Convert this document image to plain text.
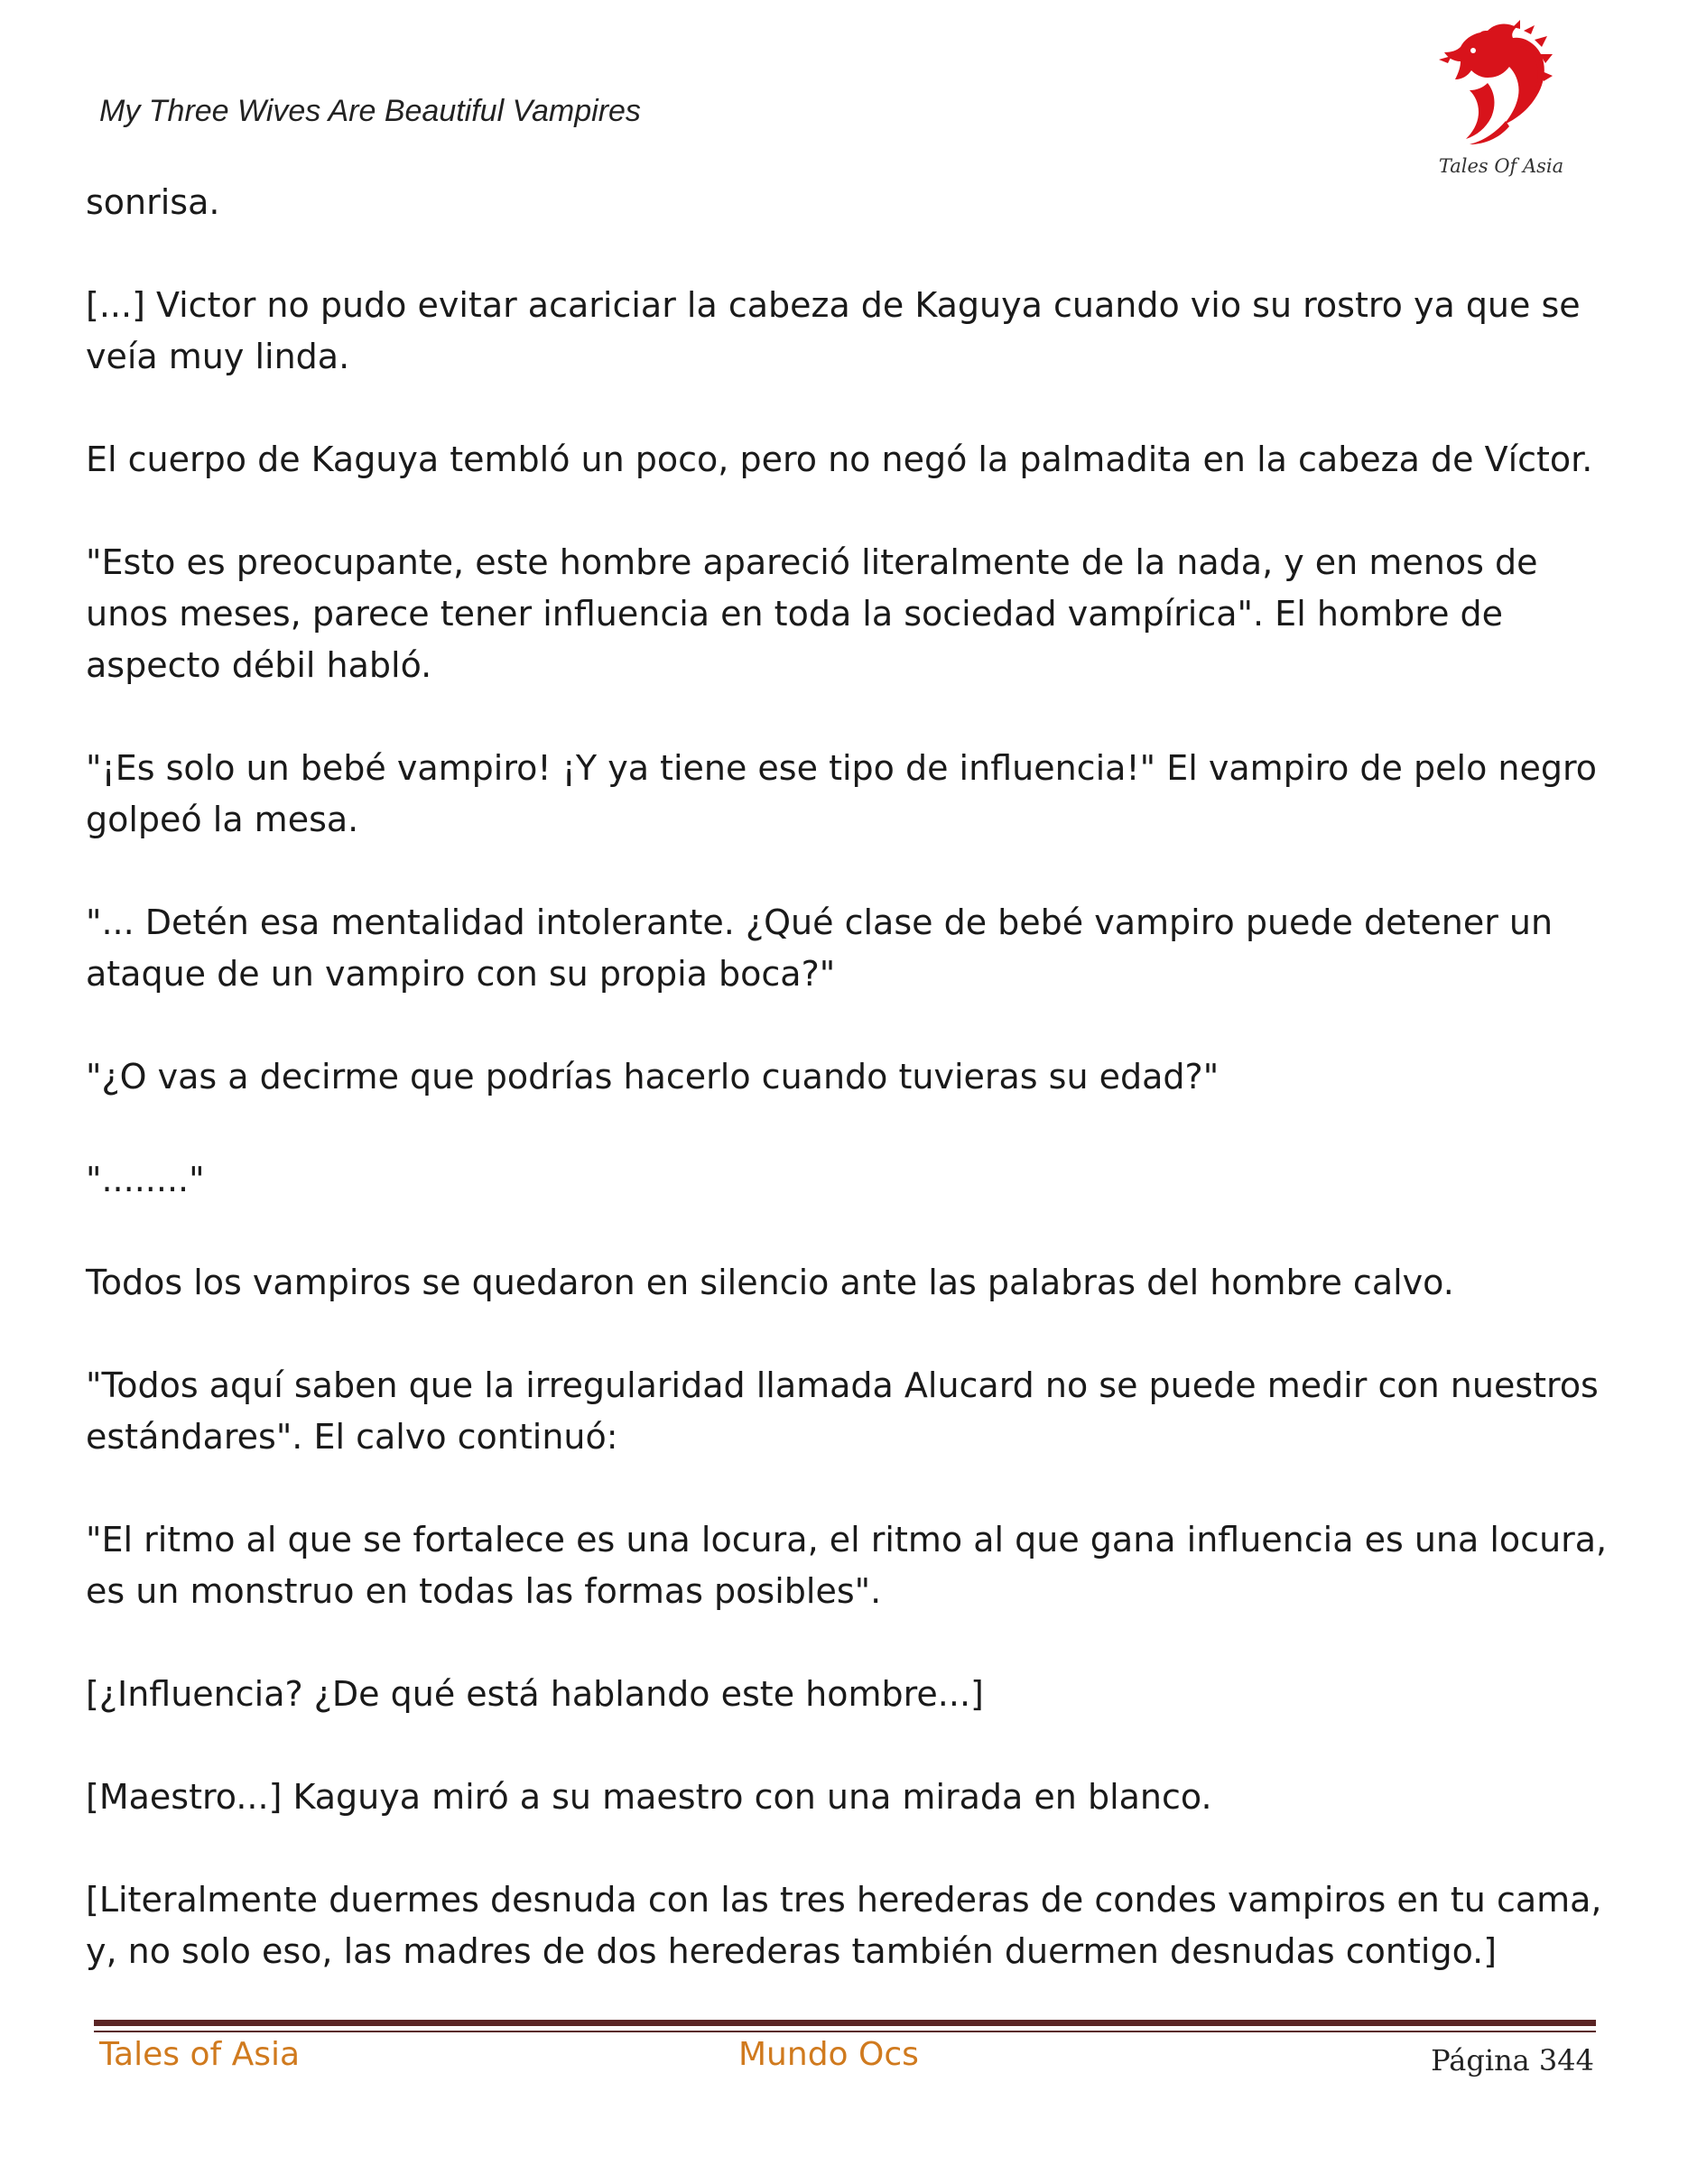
My Three Wives Are Beautiful Vampires
Tales Of Asia

sonrisa.

[...] Victor no pudo evitar acariciar la cabeza de Kaguya cuando vio su rostro ya que se veía muy linda.

El cuerpo de Kaguya tembló un poco, pero no negó la palmadita en la cabeza de Víctor.

"Esto es preocupante, este hombre apareció literalmente de la nada, y en menos de unos meses, parece tener influencia en toda la sociedad vampírica". El hombre de aspecto débil habló.

"¡Es solo un bebé vampiro! ¡Y ya tiene ese tipo de influencia!" El vampiro de pelo negro golpeó la mesa.

"... Detén esa mentalidad intolerante. ¿Qué clase de bebé vampiro puede detener un ataque de un vampiro con su propia boca?"

"¿O vas a decirme que podrías hacerlo cuando tuvieras su edad?"

"........"

Todos los vampiros se quedaron en silencio ante las palabras del hombre calvo.

"Todos aquí saben que la irregularidad llamada Alucard no se puede medir con nuestros estándares". El calvo continuó:

"El ritmo al que se fortalece es una locura, el ritmo al que gana influencia es una locura, es un monstruo en todas las formas posibles".

[¿Influencia? ¿De qué está hablando este hombre...]

[Maestro...] Kaguya miró a su maestro con una mirada en blanco.

[Literalmente duermes desnuda con las tres herederas de condes vampiros en tu cama, y, no solo eso, las madres de dos herederas también duermen desnudas contigo.]

Tales of Asia	Mundo Ocs	Página 344
